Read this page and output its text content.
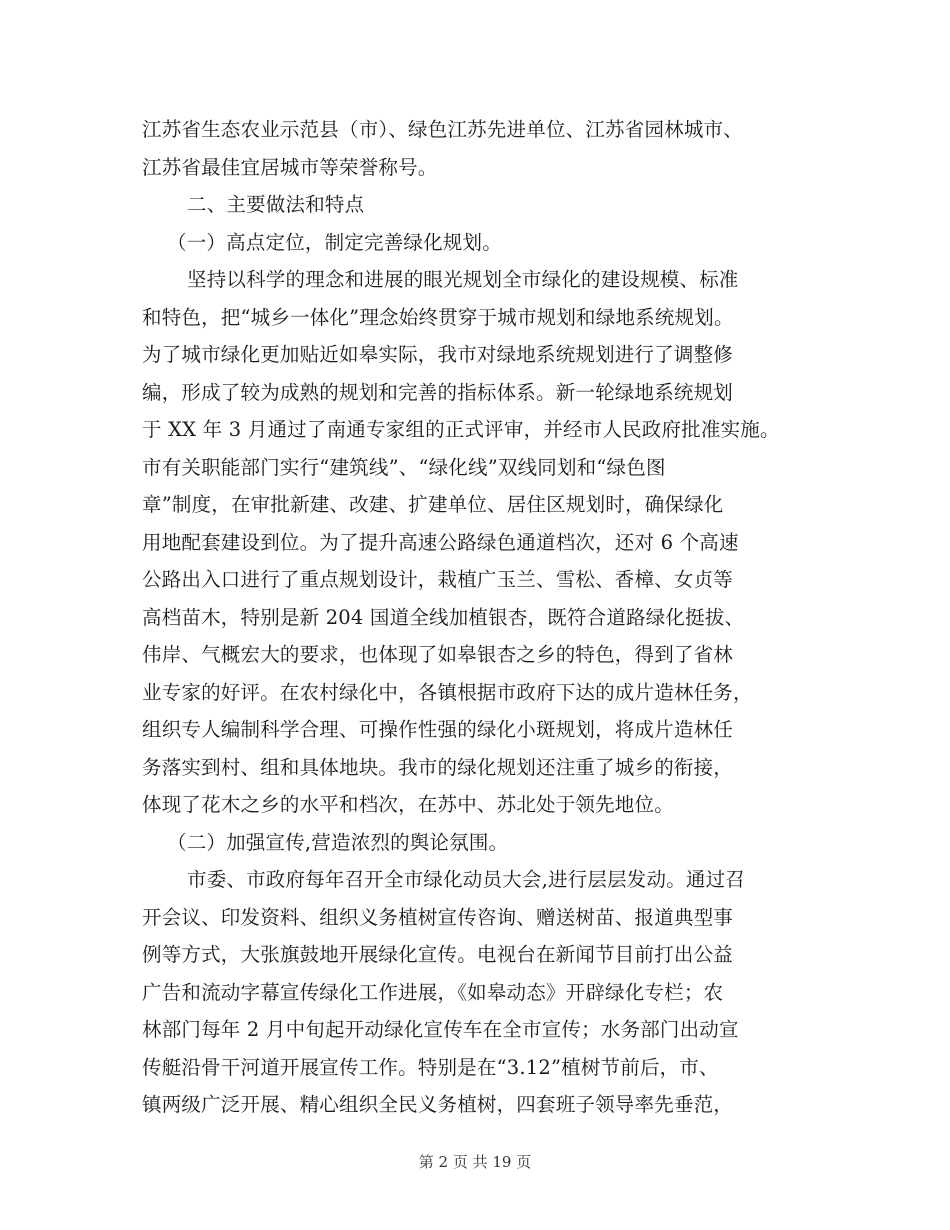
江苏省生态农业示范县（市）、绿色江苏先进单位、江苏省园林城市、
江苏省最佳宜居城市等荣誉称号。
二、主要做法和特点
（一）高点定位，制定完善绿化规划。
坚持以科学的理念和进展的眼光规划全市绿化的建设规模、标准
和特色，把“城乡一体化”理念始终贯穿于城市规划和绿地系统规划。
为了城市绿化更加贴近如皋实际，我市对绿地系统规划进行了调整修
编，形成了较为成熟的规划和完善的指标体系。新一轮绿地系统规划
于 XX 年 3 月通过了南通专家组的正式评审，并经市人民政府批准实施。
市有关职能部门实行“建筑线”、“绿化线”双线同划和“绿色图
章”制度，在审批新建、改建、扩建单位、居住区规划时，确保绿化
用地配套建设到位。为了提升高速公路绿色通道档次，还对 6 个高速
公路出入口进行了重点规划设计，栽植广玉兰、雪松、香樟、女贞等
高档苗木，特别是新 204 国道全线加植银杏，既符合道路绿化挺拔、
伟岸、气概宏大的要求，也体现了如皋银杏之乡的特色，得到了省林
业专家的好评。在农村绿化中，各镇根据市政府下达的成片造林任务，
组织专人编制科学合理、可操作性强的绿化小斑规划，将成片造林任
务落实到村、组和具体地块。我市的绿化规划还注重了城乡的衔接，
体现了花木之乡的水平和档次，在苏中、苏北处于领先地位。
（二）加强宣传,营造浓烈的舆论氛围。
市委、市政府每年召开全市绿化动员大会,进行层层发动。通过召
开会议、印发资料、组织义务植树宣传咨询、赠送树苗、报道典型事
例等方式，大张旗鼓地开展绿化宣传。电视台在新闻节目前打出公益
广告和流动字幕宣传绿化工作进展，《如皋动态》开辟绿化专栏；农
林部门每年 2 月中旬起开动绿化宣传车在全市宣传；水务部门出动宣
传艇沿骨干河道开展宣传工作。特别是在“3.12”植树节前后，市、
镇两级广泛开展、精心组织全民义务植树，四套班子领导率先垂范，
第 2 页 共 19 页
